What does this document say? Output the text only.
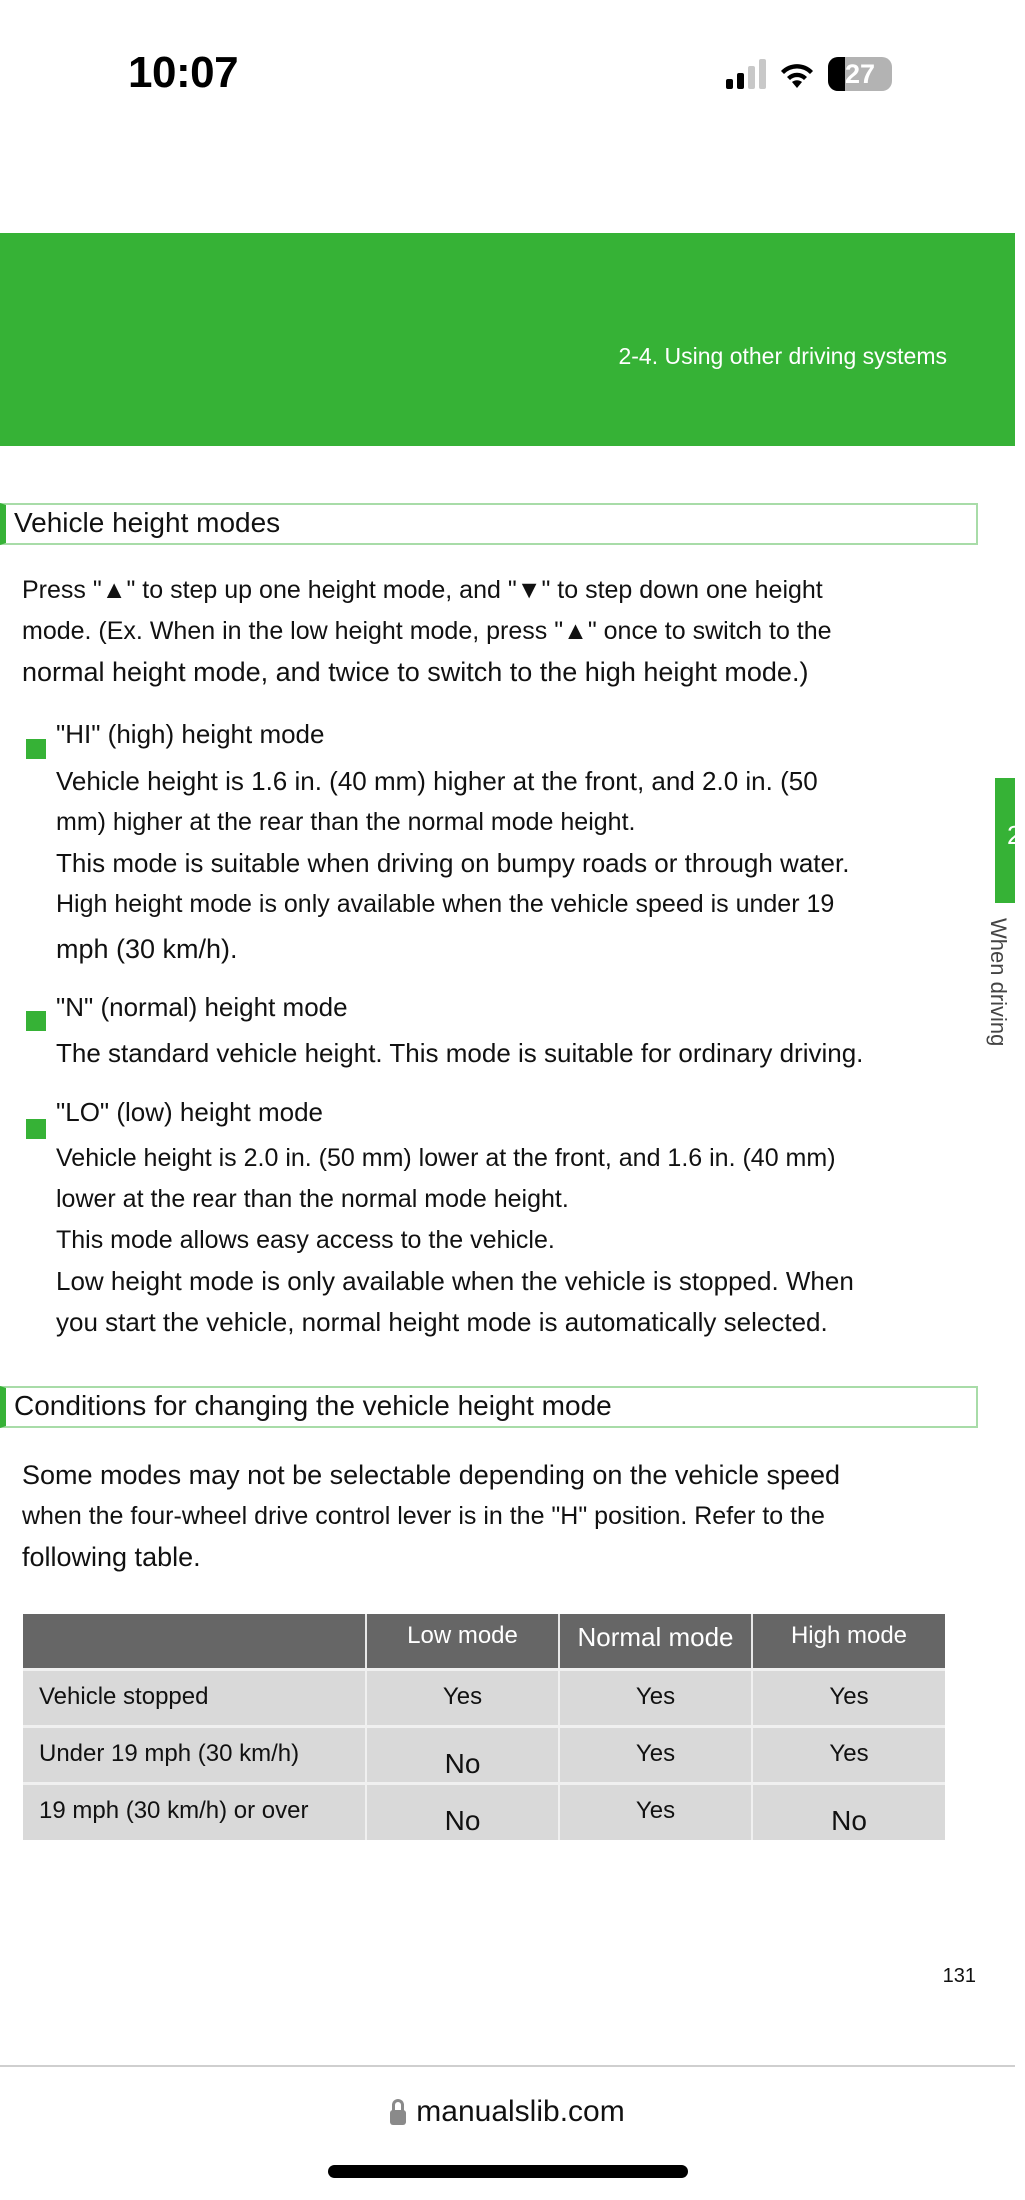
10:07	27
2-4. Using other driving systems
2
When driving
Vehicle height modes
Press "▲" to step up one height mode, and "▼" to step down one height
mode. (Ex. When in the low height mode, press "▲" once to switch to the
normal height mode, and twice to switch to the high height mode.)
"HI" (high) height mode
Vehicle height is 1.6 in. (40 mm) higher at the front, and 2.0 in. (50
mm) higher at the rear than the normal mode height.
This mode is suitable when driving on bumpy roads or through water.
High height mode is only available when the vehicle speed is under 19
mph (30 km/h).
"N" (normal) height mode
The standard vehicle height. This mode is suitable for ordinary driving.
"LO" (low) height mode
Vehicle height is 2.0 in. (50 mm) lower at the front, and 1.6 in. (40 mm)
lower at the rear than the normal mode height.
This mode allows easy access to the vehicle.
Low height mode is only available when the vehicle is stopped. When
you start the vehicle, normal height mode is automatically selected.
Conditions for changing the vehicle height mode
Some modes may not be selectable depending on the vehicle speed
when the four-wheel drive control lever is in the "H" position. Refer to the
following table.
	Low mode	Normal mode	High mode
Vehicle stopped	Yes	Yes	Yes
Under 19 mph (30 km/h)	No	Yes	Yes
19 mph (30 km/h) or over	No	Yes	No
131
manualslib.com
